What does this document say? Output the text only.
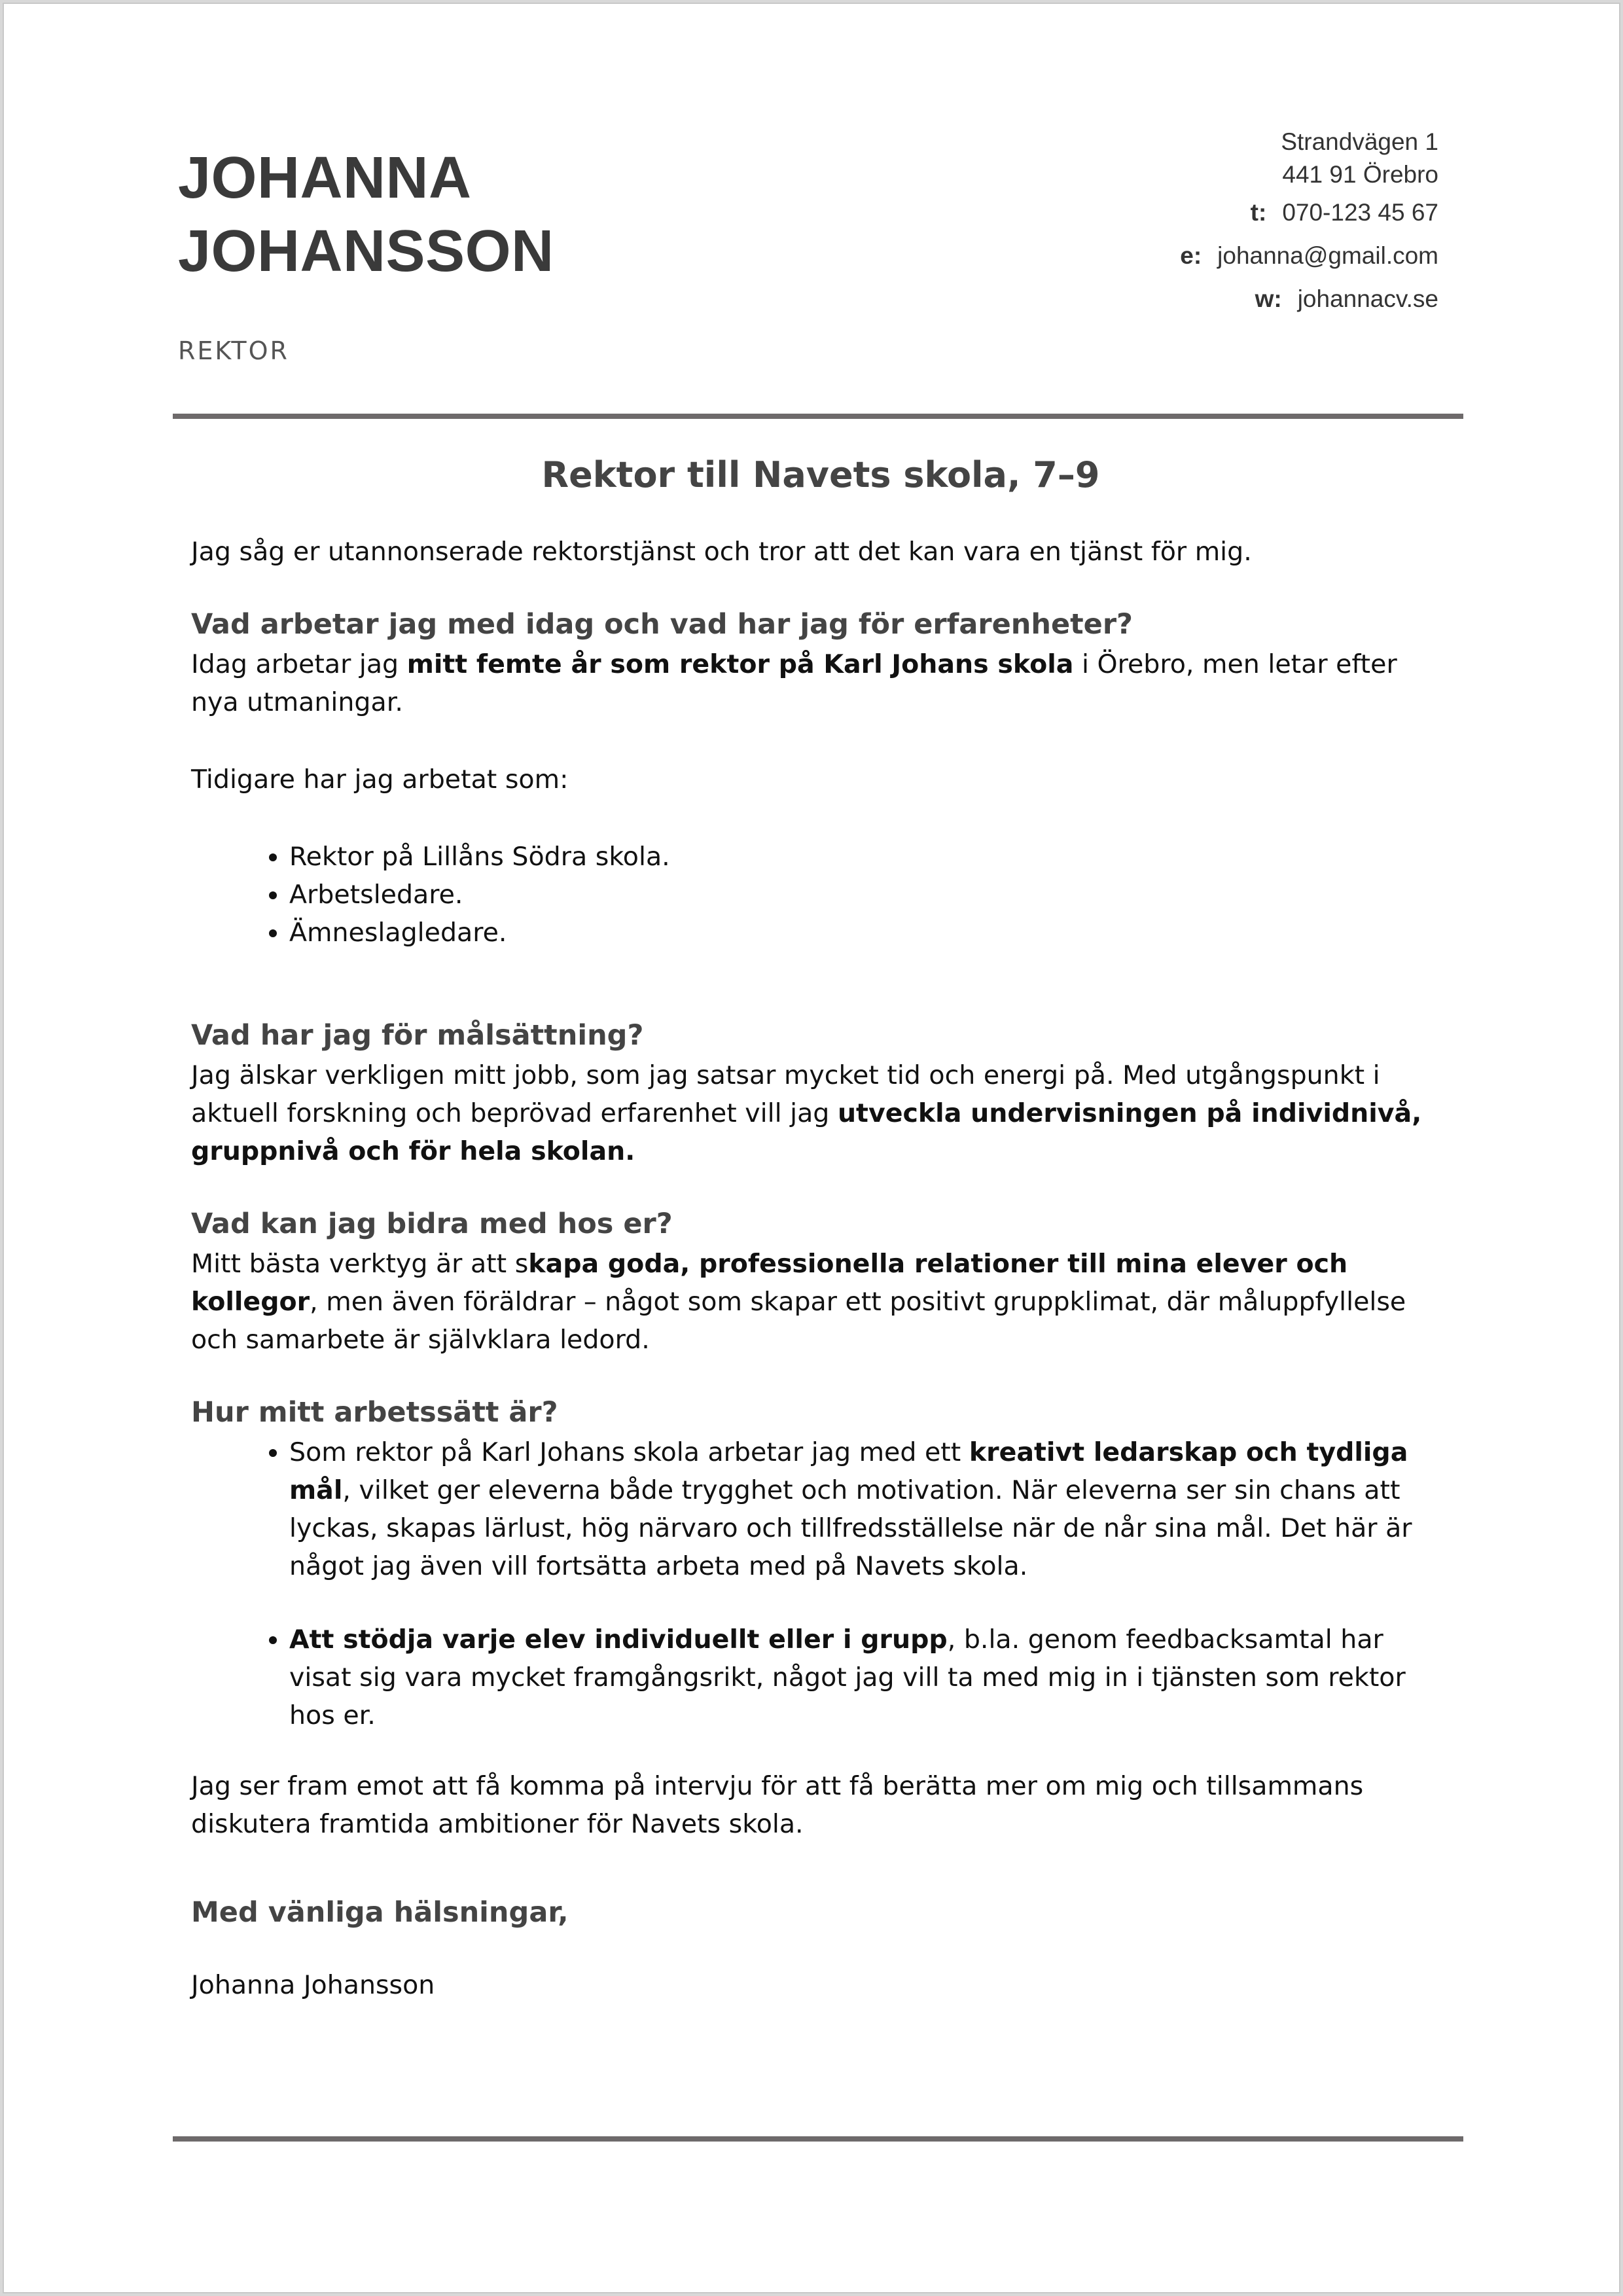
JOHANNA
JOHANSSON
REKTOR
Strandvägen 1
441 91 Örebro
t: 070-123 45 67
e: johanna@gmail.com
w: johannacv.se
Rektor till Navets skola, 7–9

Jag såg er utannonserade rektorstjänst och tror att det kan vara en tjänst för mig.

Vad arbetar jag med idag och vad har jag för erfarenheter?

Idag arbetar jag mitt femte år som rektor på Karl Johans skola i Örebro, men letar efter nya utmaningar.

Tidigare har jag arbetat som:

• Rektor på Lillåns Södra skola.
• Arbetsledare.
• Ämneslagledare.
Vad har jag för målsättning?

Jag älskar verkligen mitt jobb, som jag satsar mycket tid och energi på. Med utgångspunkt i aktuell forskning och beprövad erfarenhet vill jag utveckla undervisningen på individnivå, gruppnivå och för hela skolan.

Vad kan jag bidra med hos er?

Mitt bästa verktyg är att skapa goda, professionella relationer till mina elever och kollegor, men även föräldrar – något som skapar ett positivt gruppklimat, där måluppfyllelse och samarbete är självklara ledord.

Hur mitt arbetssätt är?
• Som rektor på Karl Johans skola arbetar jag med ett kreativt ledarskap och tydliga mål, vilket ger eleverna både trygghet och motivation. När eleverna ser sin chans att lyckas, skapas lärlust, hög närvaro och tillfredsställelse när de når sina mål. Det här är något jag även vill fortsätta arbeta med på Navets skola.
• Att stödja varje elev individuellt eller i grupp, b.la. genom feedbacksamtal har visat sig vara mycket framgångsrikt, något jag vill ta med mig in i tjänsten som rektor hos er.

Jag ser fram emot att få komma på intervju för att få berätta mer om mig och tillsammans diskutera framtida ambitioner för Navets skola.

Med vänliga hälsningar,

Johanna Johansson
